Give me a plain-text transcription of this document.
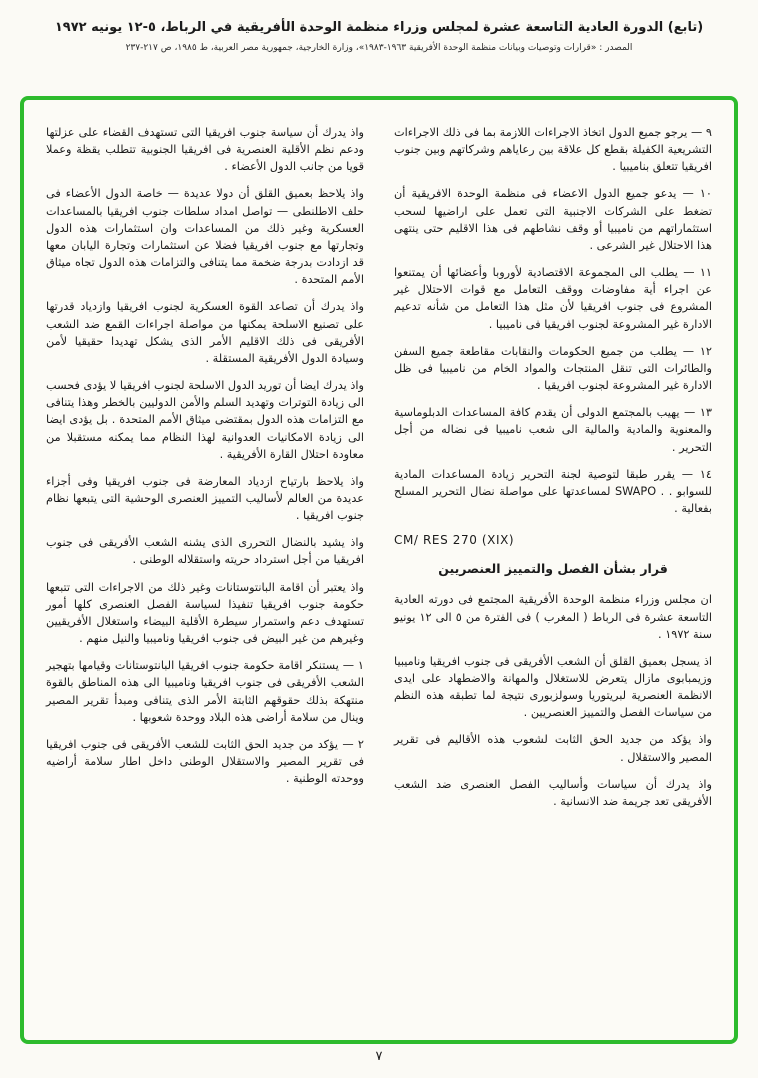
(تابع) الدورة العادية التاسعة عشرة لمجلس وزراء منظمة الوحدة الأفريقية في الرباط، ٥-١٢ يونيه ١٩٧٢
المصدر : «قرارات وتوصيات وبيانات منظمة الوحدة الأفريقية ١٩٦٣-١٩٨٣»، وزارة الخارجية، جمهورية مصر العربية، ط ١٩٨٥، ص ٢١٧-٢٣٧

٩ — يرجو جميع الدول اتخاذ الاجراءات اللازمة بما فى ذلك الاجراءات التشريعية الكفيلة بقطع كل علاقة بين رعاياهم وشركاتهم وبين جنوب افريقيا تتعلق بناميبيا .

١٠ — يدعو جميع الدول الاعضاء فى منظمة الوحدة الافريقية أن تضغط على الشركات الاجنبية التى تعمل على اراضيها لسحب استثماراتهم من ناميبيا أو وقف نشاطهم فى هذا الاقليم حتى ينتهى هذا الاحتلال غير الشرعى .

١١ — يطلب الى المجموعة الاقتصادية لأوروبا وأعضائها أن يمتنعوا عن اجراء أية مفاوضات ووقف التعامل مع قوات الاحتلال غير المشروع فى جنوب افريقيا لأن مثل هذا التعامل من شأنه تدعيم الادارة غير المشروعة لجنوب افريقيا فى ناميبيا .

١٢ — يطلب من جميع الحكومات والنقابات مقاطعة جميع السفن والطائرات التى تنقل المنتجات والمواد الخام من ناميبيا فى ظل الادارة غير المشروعة لجنوب افريقيا .

١٣ — يهيب بالمجتمع الدولى أن يقدم كافة المساعدات الدبلوماسية والمعنوية والمادية والمالية الى شعب ناميبيا فى نضاله من أجل التحرير .

١٤ — يقرر طبقا لتوصية لجنة التحرير زيادة المساعدات المادية للسوابو . . SWAPO لمساعدتها على مواصلة نضال التحرير المسلح بفعالية .

CM/ RES 270 (XIX)

قرار بشأن الفصل والتمييز العنصريين

ان مجلس وزراء منظمة الوحدة الأفريقية المجتمع فى دورته العادية التاسعة عشرة فى الرباط ( المغرب ) فى الفترة من ٥ الى ١٢ يونيو سنة ١٩٧٢ .

اذ يسجل بعميق القلق أن الشعب الأفريقى فى جنوب افريقيا وناميبيا وزيمبابوى مازال يتعرض للاستغلال والمهانة والاضطهاد على ايدى الانظمة العنصرية لبريتوريا وسولزبورى نتيجة لما تطبقه هذه النظم من سياسات الفصل والتمييز العنصريين .

واذ يؤكد من جديد الحق الثابت لشعوب هذه الأقاليم فى تقرير المصير والاستقلال .

واذ يدرك أن سياسات وأساليب الفصل العنصرى ضد الشعب الأفريقى تعد جريمة ضد الانسانية .

واذ يدرك أن سياسة جنوب افريقيا التى تستهدف القضاء على عزلتها ودعم نظم الأقلية العنصرية فى افريقيا الجنوبية تتطلب يقظة وعملا قويا من جانب الدول الأعضاء .

واذ يلاحظ بعميق القلق أن دولا عديدة — خاصة الدول الأعضاء فى حلف الاطلنطى — تواصل امداد سلطات جنوب افريقيا بالمساعدات العسكرية وغير ذلك من المساعدات وان استثمارات هذه الدول وتجارتها مع جنوب افريقيا فضلا عن استثمارات وتجارة اليابان معها قد ازدادت بدرجة ضخمة مما يتنافى والتزامات هذه الدول تجاه ميثاق الأمم المتحدة .

واذ يدرك أن تصاعد القوة العسكرية لجنوب افريقيا وازدياد قدرتها على تصنيع الاسلحة يمكنها من مواصلة اجراءات القمع ضد الشعب الأفريقى فى ذلك الاقليم الأمر الذى يشكل تهديدا حقيقيا لأمن وسيادة الدول الأفريقية المستقلة .

واذ يدرك ايضا أن توريد الدول الاسلحة لجنوب افريقيا لا يؤدى فحسب الى زيادة التوترات وتهديد السلم والأمن الدوليين بالخطر وهذا يتنافى مع التزامات هذه الدول بمقتضى ميثاق الأمم المتحدة . بل يؤدى ايضا الى زيادة الامكانيات العدوانية لهذا النظام مما يمكنه مستقبلا من معاودة احتلال القارة الأفريقية .

واذ يلاحظ بارتياح ازدياد المعارضة فى جنوب افريقيا وفى أجزاء عديدة من العالم لأساليب التمييز العنصرى الوحشية التى يتبعها نظام جنوب افريقيا .

واذ يشيد بالنضال التحررى الذى يشنه الشعب الأفريقى فى جنوب افريقيا من أجل استرداد حريته واستقلاله الوطنى .

واذ يعتبر أن اقامة البانتوستانات وغير ذلك من الاجراءات التى تتبعها حكومة جنوب افريقيا تنفيذا لسياسة الفصل العنصرى كلها أمور تستهدف دعم واستمرار سيطرة الأقلية البيضاء واستغلال الأفريقيين وغيرهم من غير البيض فى جنوب افريقيا وناميبيا والنيل منهم .

١ — يستنكر اقامة حكومة جنوب افريقيا البانتوستانات وقيامها بتهجير الشعب الأفريقى فى جنوب افريقيا وناميبيا الى هذه المناطق بالقوة منتهكة بذلك حقوقهم الثابتة الأمر الذى يتنافى ومبدأ تقرير المصير وينال من سلامة أراضى هذه البلاد ووحدة شعوبها .

٢ — يؤكد من جديد الحق الثابت للشعب الأفريقى فى جنوب افريقيا فى تقرير المصير والاستقلال الوطنى داخل اطار سلامة أراضيه ووحدته الوطنية .

٧
